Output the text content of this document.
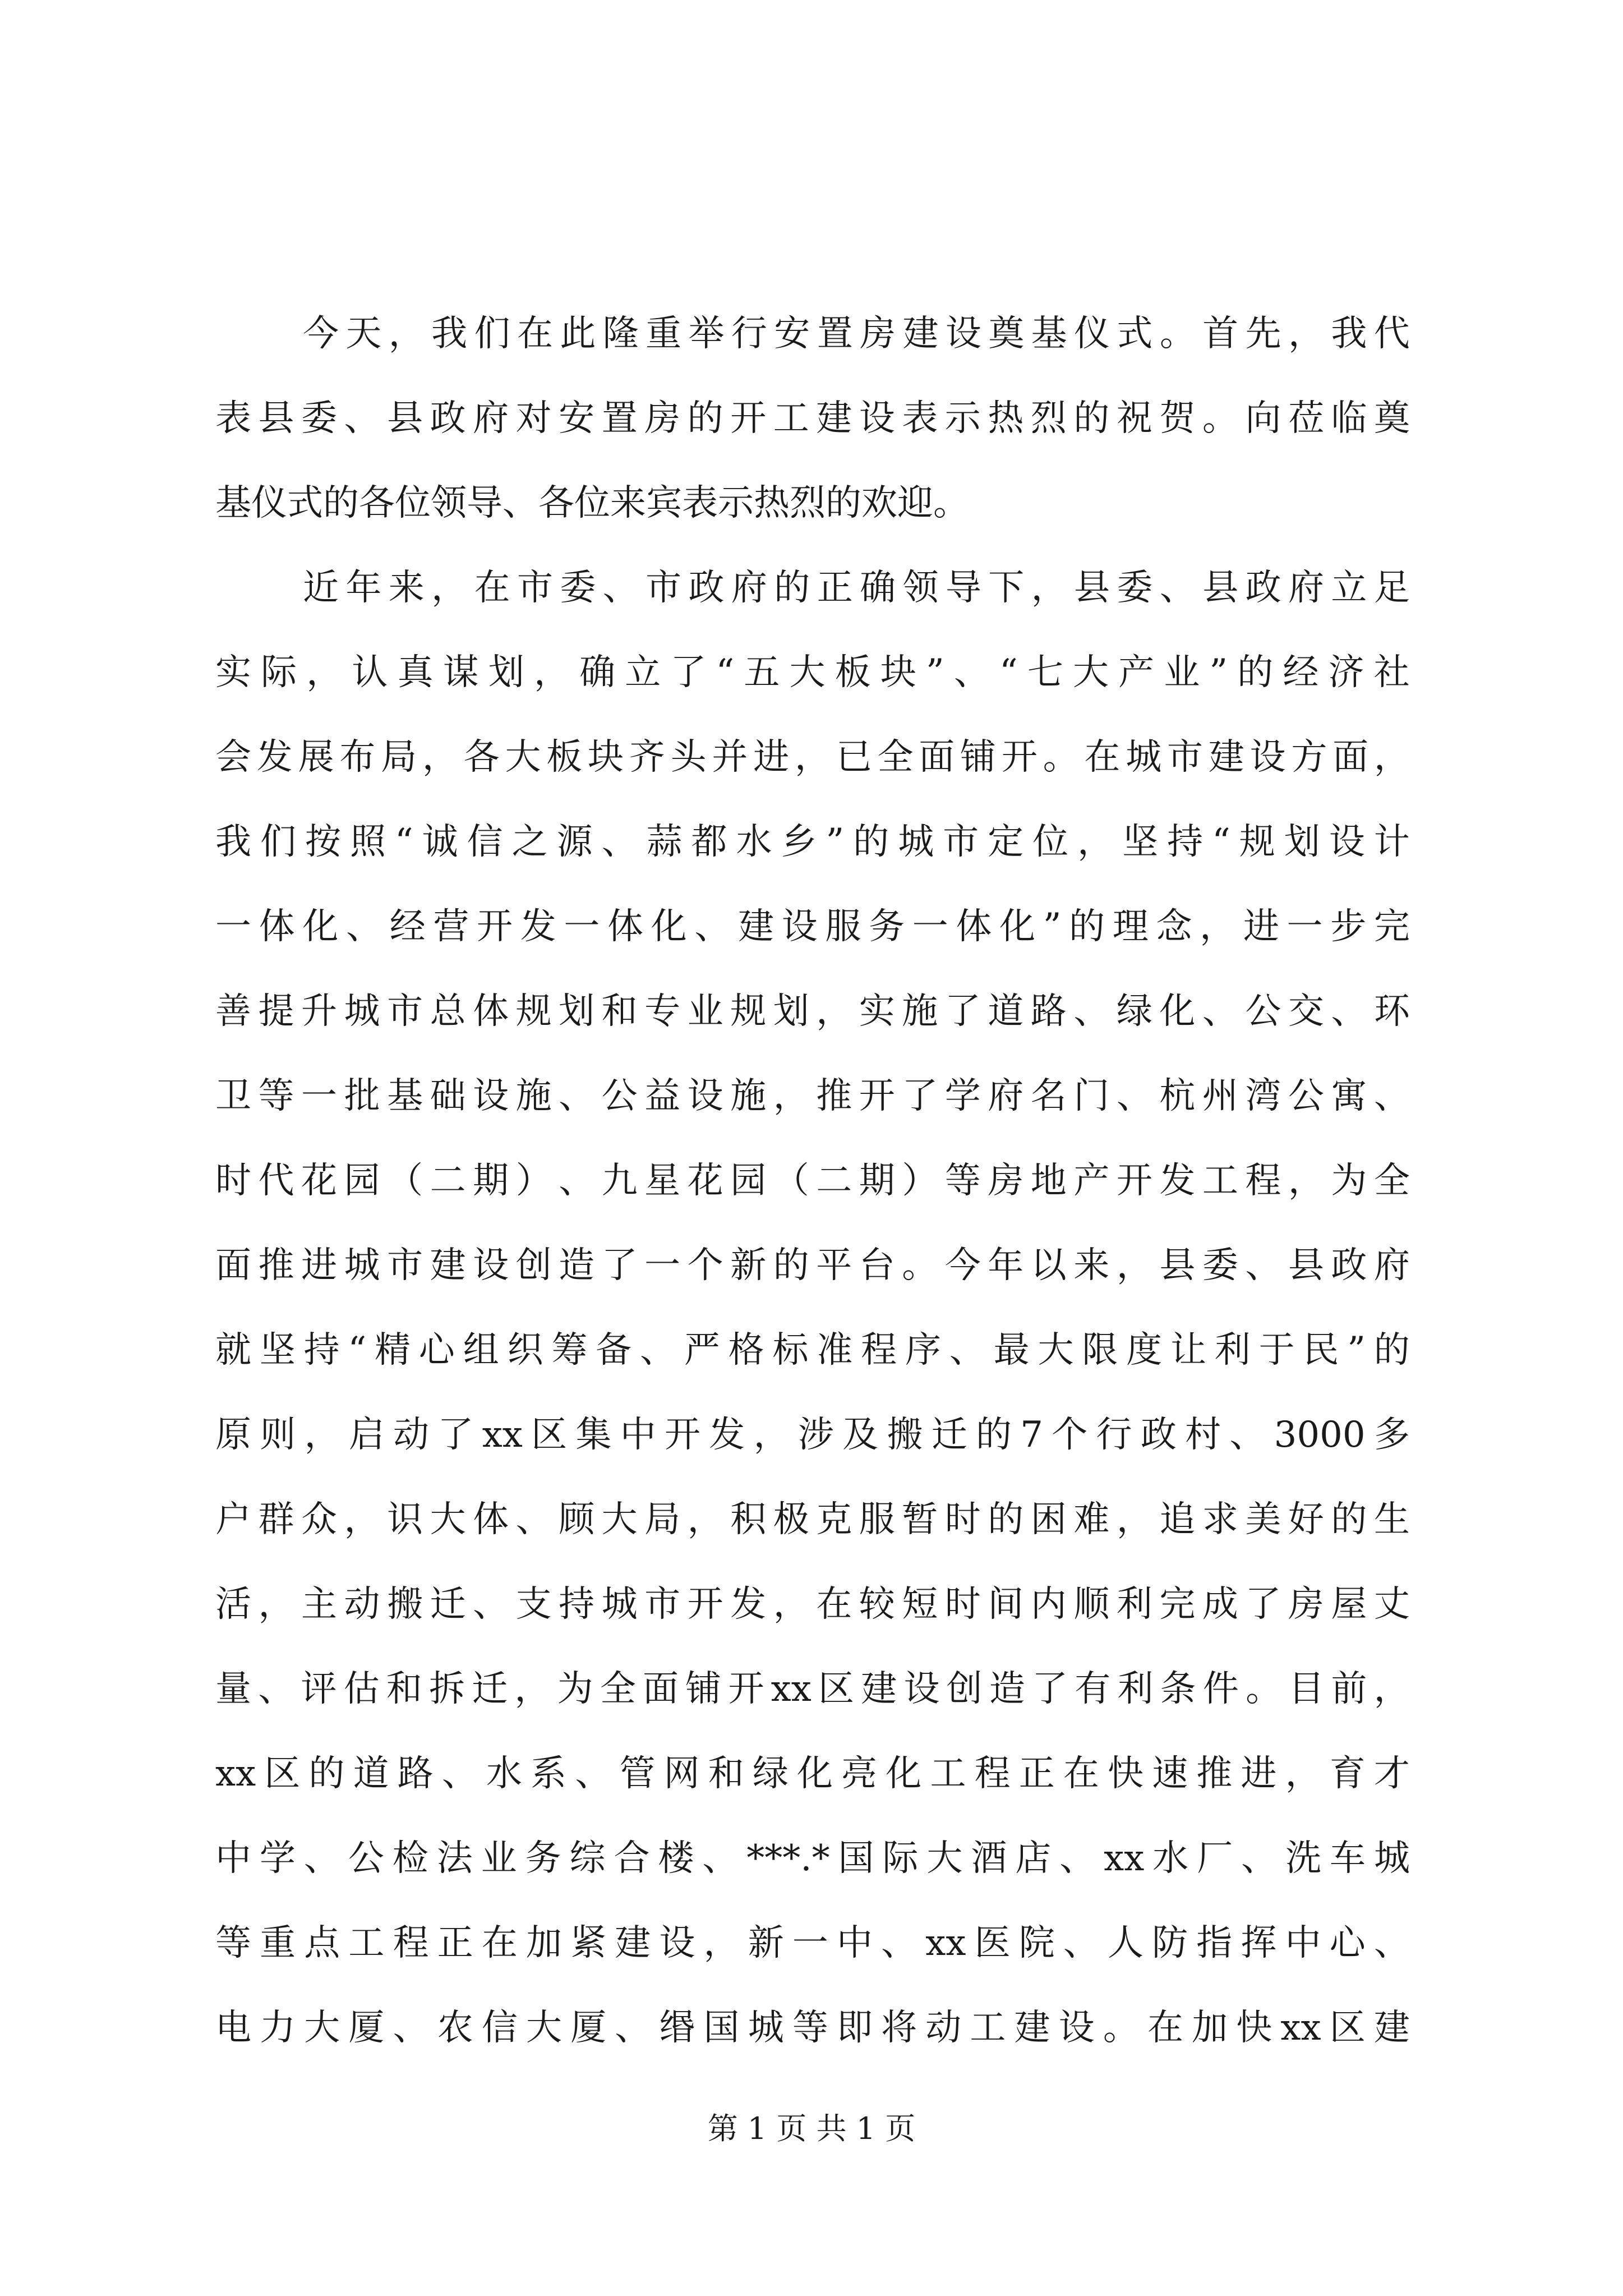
今 天 ， 我 们 在 此 隆 重 举 行 安 置 房 建 设 奠 基 仪 式 。 首 先 ， 我 代
表 县 委 、 县 政 府 对 安 置 房 的 开 工 建 设 表 示 热 烈 的 祝 贺 。 向 莅 临 奠
基仪式的各位领导、各位来宾表示热烈的欢迎。
近 年 来 ， 在 市 委 、 市 政 府 的 正 确 领 导 下 ， 县 委 、 县 政 府 立 足
实 际 ， 认 真 谋 划 ， 确 立 了 “ 五 大 板 块 ” 、 “ 七 大 产 业 ” 的 经 济 社
会 发 展 布 局 ， 各 大 板 块 齐 头 并 进 ， 已 全 面 铺 开 。 在 城 市 建 设 方 面 ，
我 们 按 照 “ 诚 信 之 源 、 蒜 都 水 乡 ” 的 城 市 定 位 ， 坚 持 “ 规 划 设 计
一 体 化 、 经 营 开 发 一 体 化 、 建 设 服 务 一 体 化 ” 的 理 念 ， 进 一 步 完
善 提 升 城 市 总 体 规 划 和 专 业 规 划 ， 实 施 了 道 路 、 绿 化 、 公 交 、 环
卫 等 一 批 基 础 设 施 、 公 益 设 施 ， 推 开 了 学 府 名 门 、 杭 州 湾 公 寓 、
时 代 花 园 （ 二 期 ） 、 九 星 花 园 （ 二 期 ） 等 房 地 产 开 发 工 程 ， 为 全
面 推 进 城 市 建 设 创 造 了 一 个 新 的 平 台 。 今 年 以 来 ， 县 委 、 县 政 府
就 坚 持 “ 精 心 组 织 筹 备 、 严 格 标 准 程 序 、 最 大 限 度 让 利 于 民 ” 的
原 则 ， 启 动 了 xx 区 集 中 开 发 ， 涉 及 搬 迁 的 7 个 行 政 村 、 3000 多
户 群 众 ， 识 大 体 、 顾 大 局 ， 积 极 克 服 暂 时 的 困 难 ， 追 求 美 好 的 生
活 ， 主 动 搬 迁 、 支 持 城 市 开 发 ， 在 较 短 时 间 内 顺 利 完 成 了 房 屋 丈
量 、 评 估 和 拆 迁 ， 为 全 面 铺 开 xx 区 建 设 创 造 了 有 利 条 件 。 目 前 ，
xx 区 的 道 路 、 水 系 、 管 网 和 绿 化 亮 化 工 程 正 在 快 速 推 进 ， 育 才
中 学 、 公 检 法 业 务 综 合 楼 、 ***.* 国 际 大 酒 店 、 xx 水 厂 、 洗 车 城
等 重 点 工 程 正 在 加 紧 建 设 ， 新 一 中 、 xx 医 院 、 人 防 指 挥 中 心 、
电 力 大 厦 、 农 信 大 厦 、 缗 国 城 等 即 将 动 工 建 设 。 在 加 快 xx 区 建
第 1 页 共 1 页
